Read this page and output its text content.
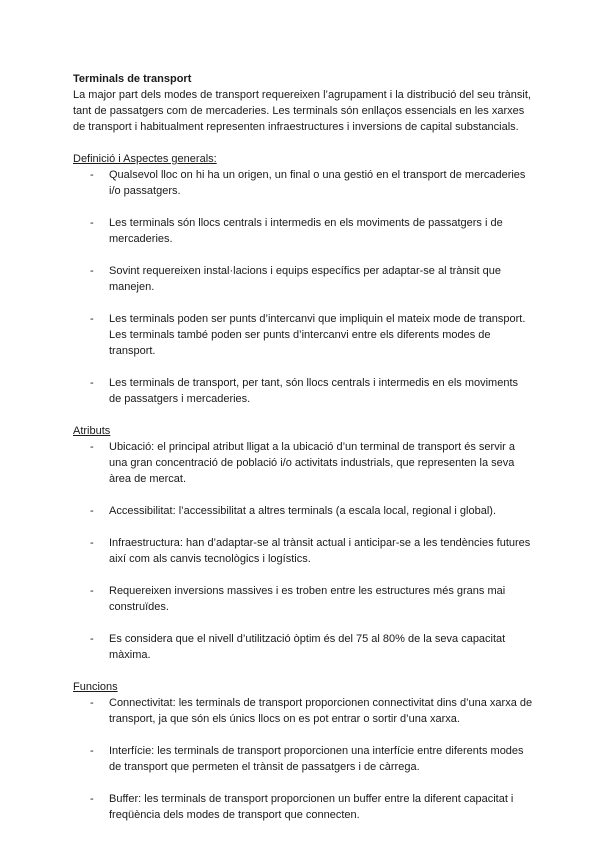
Terminals de transport

La major part dels modes de transport requereixen l’agrupament i la distribució del seu trànsit, tant de passatgers com de mercaderies. Les terminals són enllaços essencials en les xarxes de transport i habitualment representen infraestructures i inversions de capital substancials.

Definició i Aspectes generals:
- Qualsevol lloc on hi ha un origen, un final o una gestió en el transport de mercaderies i/o passatgers.
- Les terminals són llocs centrals i intermedis en els moviments de passatgers i de mercaderies.
- Sovint requereixen instal·lacions i equips específics per adaptar-se al trànsit que manejen.
- Les terminals poden ser punts d’intercanvi que impliquin el mateix mode de transport. Les terminals també poden ser punts d’intercanvi entre els diferents modes de transport.
- Les terminals de transport, per tant, són llocs centrals i intermedis en els moviments de passatgers i mercaderies.
Atributs
- Ubicació: el principal atribut lligat a la ubicació d’un terminal de transport és servir a una gran concentració de població i/o activitats industrials, que representen la seva àrea de mercat.
- Accessibilitat: l’accessibilitat a altres terminals (a escala local, regional i global).
- Infraestructura: han d’adaptar-se al trànsit actual i anticipar-se a les tendències futures així com als canvis tecnològics i logístics.
- Requereixen inversions massives i es troben entre les estructures més grans mai construïdes.
- Es considera que el nivell d’utilització òptim és del 75 al 80% de la seva capacitat màxima.
Funcions
- Connectivitat: les terminals de transport proporcionen connectivitat dins d’una xarxa de transport, ja que són els únics llocs on es pot entrar o sortir d’una xarxa.
- Interfície: les terminals de transport proporcionen una interfície entre diferents modes de transport que permeten el trànsit de passatgers i de càrrega.
- Buffer: les terminals de transport proporcionen un buffer entre la diferent capacitat i freqüència dels modes de transport que connecten.
